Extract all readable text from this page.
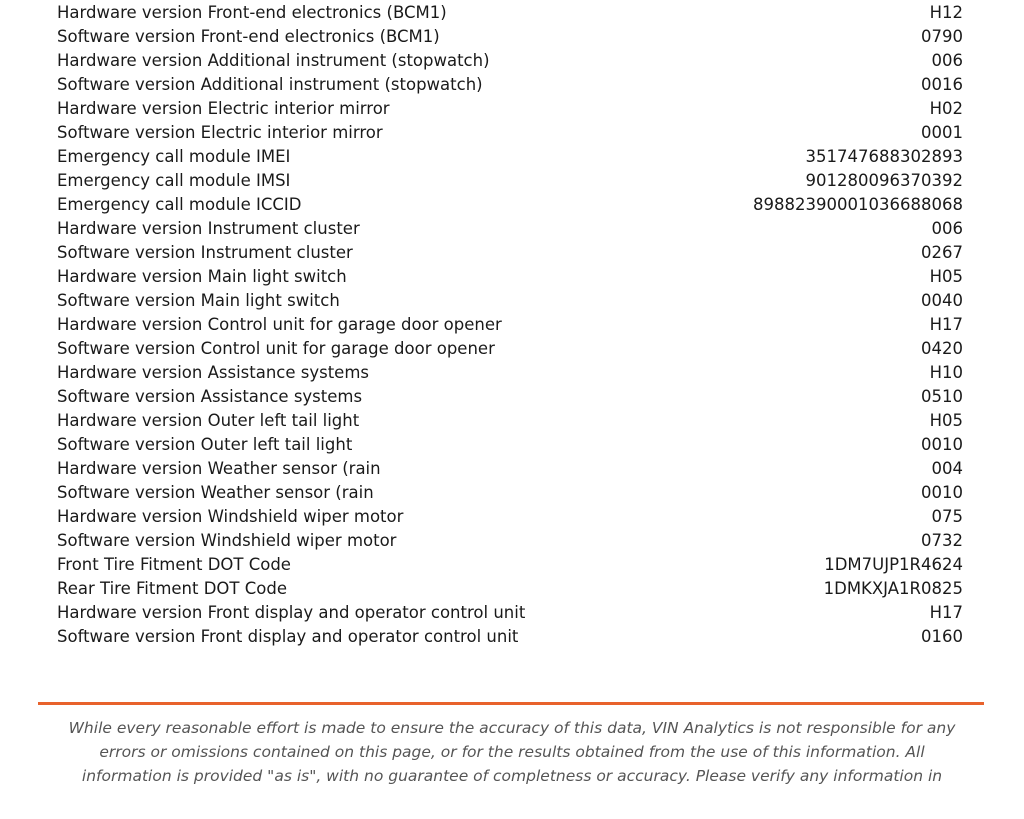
Hardware version Front-end electronics (BCM1)	H12
Software version Front-end electronics (BCM1)	0790
Hardware version Additional instrument (stopwatch)	006
Software version Additional instrument (stopwatch)	0016
Hardware version Electric interior mirror	H02
Software version Electric interior mirror	0001
Emergency call module IMEI	351747688302893
Emergency call module IMSI	901280096370392
Emergency call module ICCID	89882390001036688068
Hardware version Instrument cluster	006
Software version Instrument cluster	0267
Hardware version Main light switch	H05
Software version Main light switch	0040
Hardware version Control unit for garage door opener	H17
Software version Control unit for garage door opener	0420
Hardware version Assistance systems	H10
Software version Assistance systems	0510
Hardware version Outer left tail light	H05
Software version Outer left tail light	0010
Hardware version Weather sensor (rain	004
Software version Weather sensor (rain	0010
Hardware version Windshield wiper motor	075
Software version Windshield wiper motor	0732
Front Tire Fitment DOT Code	1DM7UJP1R4624
Rear Tire Fitment DOT Code	1DMKXJA1R0825
Hardware version Front display and operator control unit	H17
Software version Front display and operator control unit	0160
While every reasonable effort is made to ensure the accuracy of this data, VIN Analytics is not responsible for any
errors or omissions contained on this page, or for the results obtained from the use of this information. All
information is provided "as is", with no guarantee of completness or accuracy. Please verify any information in
